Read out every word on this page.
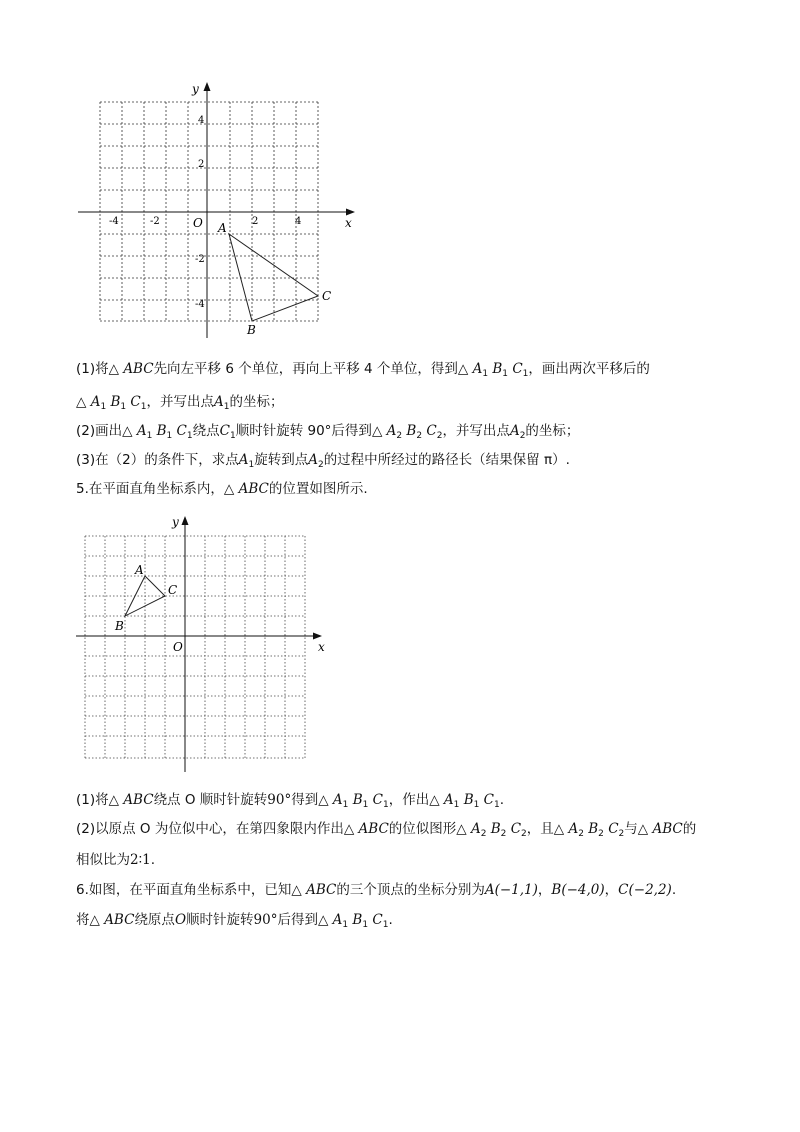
x
y
O
-4	-2	2	4
4
2
-2
-4
A
B
C
(1)将△ ABC先向左平移 6 个单位，再向上平移 4 个单位，得到△ $A_1$ $B_1$ $C_1$，画出两次平移后的
△ $A_1$ $B_1$ $C_1$，并写出点$A_1$的坐标；
(2)画出△ $A_1$ $B_1$ $C_1$绕点$C_1$顺时针旋转 90°后得到△ $A_2$ $B_2$ $C_2$，并写出点$A_2$的坐标；
(3)在（2）的条件下，求点$A_1$旋转到点$A_2$的过程中所经过的路径长（结果保留 π）.
5.在平面直角坐标系内，△ ABC的位置如图所示.
x
y
O
A
B
C
(1)将△ ABC绕点 O 顺时针旋转90°得到△ $A_1$ $B_1$ $C_1$，作出△ $A_1$ $B_1$ $C_1$.
(2)以原点 O 为位似中心，在第四象限内作出△ ABC的位似图形△ $A_2$ $B_2$ $C_2$，且△ $A_2$ $B_2$ $C_2$与△ ABC的
相似比为2∶1.
6.如图，在平面直角坐标系中，已知△ ABC的三个顶点的坐标分别为A(−1,1)，B(−4,0)，C(−2,2).
将△ ABC绕原点O顺时针旋转90°后得到△ $A_1$ $B_1$ $C_1$.
